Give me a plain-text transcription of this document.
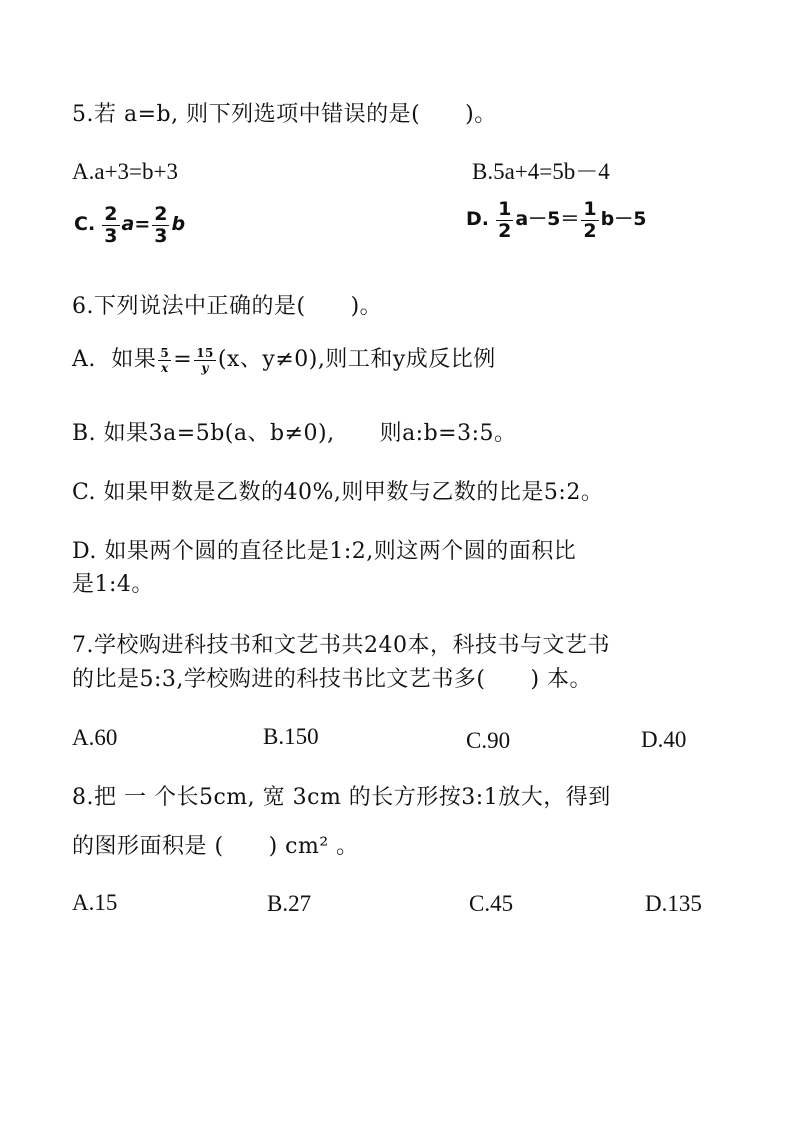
5.若 a=b, 则下列选项中错误的是(　　)。
A.a+3=b+3	B.5a+4=5b－4
C. $\frac{2}{3} a= \frac{2}{3}$ b	D. $\frac{1}{2} a-5= \frac{1}{2} b-5$
6.下列说法中正确的是(　　)。
A. 如果 $\frac{5}{x} = \frac{15}{y} (x$、y≠0),则工和y成反比例
B. 如果3a=5b(a、b≠0),　　则a:b=3:5。
C. 如果甲数是乙数的40%,则甲数与乙数的比是5:2。
D. 如果两个圆的直径比是1:2,则这两个圆的面积比
是1:4。
7.学校购进科技书和文艺书共240本，科技书与文艺书
的比是5:3,学校购进的科技书比文艺书多(　　) 本。
A.60	B.150	C.90	D.40
8.把 一 个长5cm, 宽 3cm 的长方形按3:1放大，得到
的图形面积是 (　　) cm² 。
A.15	B.27	C.45	D.135
